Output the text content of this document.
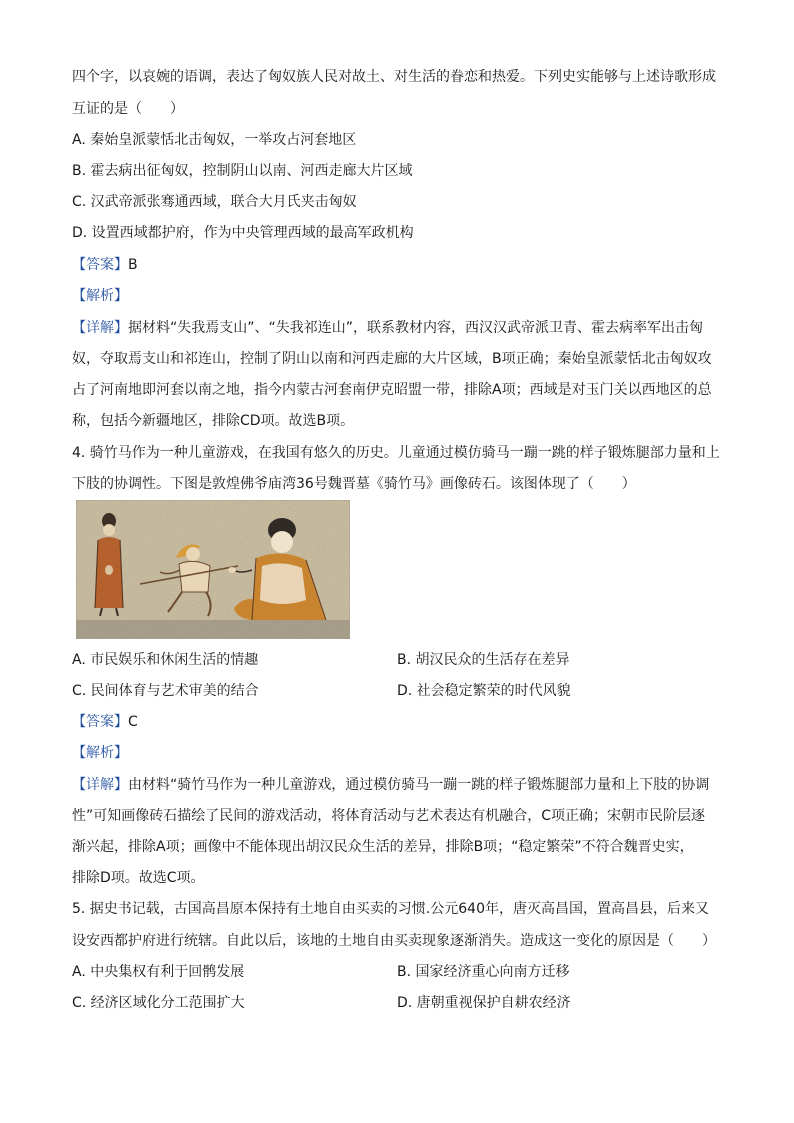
四个字，以哀婉的语调，表达了匈奴族人民对故土、对生活的眷恋和热爱。下列史实能够与上述诗歌形成
互证的是（　　）
A. 秦始皇派蒙恬北击匈奴，一举攻占河套地区
B. 霍去病出征匈奴，控制阴山以南、河西走廊大片区域
C. 汉武帝派张骞通西域，联合大月氏夹击匈奴
D. 设置西域都护府，作为中央管理西域的最高军政机构
【答案】B
【解析】
【详解】据材料“失我焉支山”、“失我祁连山”，联系教材内容，西汉汉武帝派卫青、霍去病率军出击匈
奴，夺取焉支山和祁连山，控制了阴山以南和河西走廊的大片区域，B项正确；秦始皇派蒙恬北击匈奴攻
占了河南地即河套以南之地，指今内蒙古河套南伊克昭盟一带，排除A项；西域是对玉门关以西地区的总
称，包括今新疆地区，排除CD项。故选B项。
4. 骑竹马作为一种儿童游戏，在我国有悠久的历史。儿童通过模仿骑马一蹦一跳的样子锻炼腿部力量和上
下肢的协调性。下图是敦煌佛爷庙湾36号魏晋墓《骑竹马》画像砖石。该图体现了（　　）
A. 市民娱乐和休闲生活的情趣	B. 胡汉民众的生活存在差异
C. 民间体育与艺术审美的结合	D. 社会稳定繁荣的时代风貌
【答案】C
【解析】
【详解】由材料“骑竹马作为一种儿童游戏，通过模仿骑马一蹦一跳的样子锻炼腿部力量和上下肢的协调
性”可知画像砖石描绘了民间的游戏活动，将体育活动与艺术表达有机融合，C项正确；宋朝市民阶层逐
渐兴起，排除A项；画像中不能体现出胡汉民众生活的差异，排除B项；“稳定繁荣”不符合魏晋史实，
排除D项。故选C项。
5. 据史书记载，古国高昌原本保持有土地自由买卖的习惯.公元640年，唐灭高昌国，置高昌县，后来又
设安西都护府进行统辖。自此以后，该地的土地自由买卖现象逐渐消失。造成这一变化的原因是（　　）
A. 中央集权有利于回鹘发展	B. 国家经济重心向南方迁移
C. 经济区域化分工范围扩大	D. 唐朝重视保护自耕农经济
